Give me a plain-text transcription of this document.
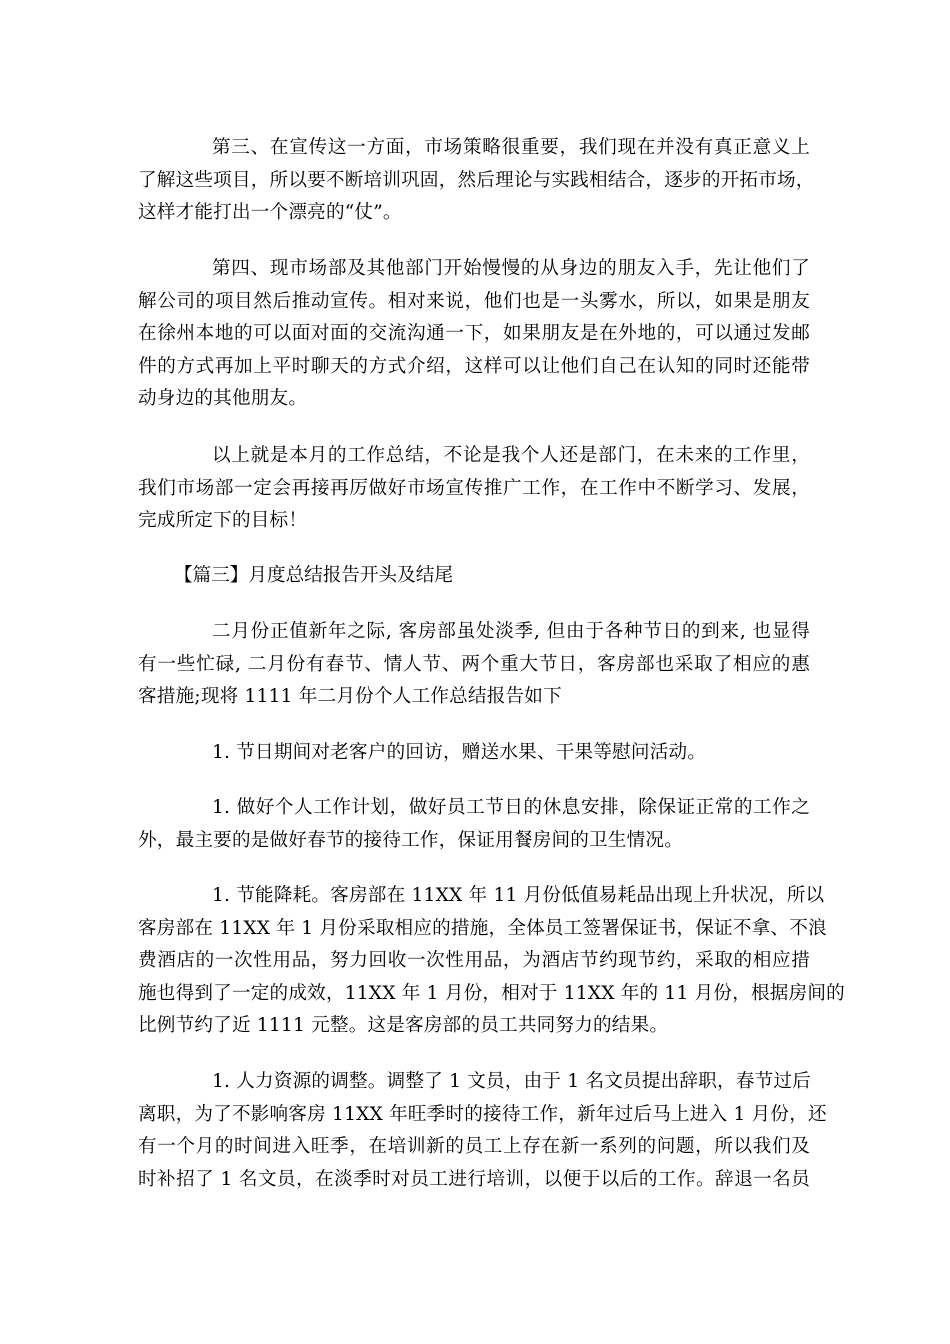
第三、在宣传这一方面，市场策略很重要，我们现在并没有真正意义上
了解这些项目，所以要不断培训巩固，然后理论与实践相结合，逐步的开拓市场，
这样才能打出一个漂亮的“仗”。
第四、现市场部及其他部门开始慢慢的从身边的朋友入手，先让他们了
解公司的项目然后推动宣传。相对来说，他们也是一头雾水，所以，如果是朋友
在徐州本地的可以面对面的交流沟通一下，如果朋友是在外地的，可以通过发邮
件的方式再加上平时聊天的方式介绍，这样可以让他们自己在认知的同时还能带
动身边的其他朋友。
以上就是本月的工作总结，不论是我个人还是部门，在未来的工作里，
我们市场部一定会再接再厉做好市场宣传推广工作，在工作中不断学习、发展，
完成所定下的目标！
【篇三】月度总结报告开头及结尾
二月份正值新年之际, 客房部虽处淡季, 但由于各种节日的到来, 也显得
有一些忙碌, 二月份有春节、情人节、两个重大节日，客房部也采取了相应的惠
客措施;现将 1111 年二月份个人工作总结报告如下
1. 节日期间对老客户的回访，赠送水果、干果等慰问活动。
1. 做好个人工作计划，做好员工节日的休息安排，除保证正常的工作之
外，最主要的是做好春节的接待工作，保证用餐房间的卫生情况。
1. 节能降耗。客房部在 11XX 年 11 月份低值易耗品出现上升状况，所以
客房部在 11XX 年 1 月份采取相应的措施，全体员工签署保证书，保证不拿、不浪
费酒店的一次性用品，努力回收一次性用品，为酒店节约现节约，采取的相应措
施也得到了一定的成效，11XX 年 1 月份，相对于 11XX 年的 11 月份，根据房间的
比例节约了近 1111 元整。这是客房部的员工共同努力的结果。
1. 人力资源的调整。调整了 1 文员，由于 1 名文员提出辞职，春节过后
离职，为了不影响客房 11XX 年旺季时的接待工作，新年过后马上进入 1 月份，还
有一个月的时间进入旺季，在培训新的员工上存在新一系列的问题，所以我们及
时补招了 1 名文员，在淡季时对员工进行培训，以便于以后的工作。辞退一名员
